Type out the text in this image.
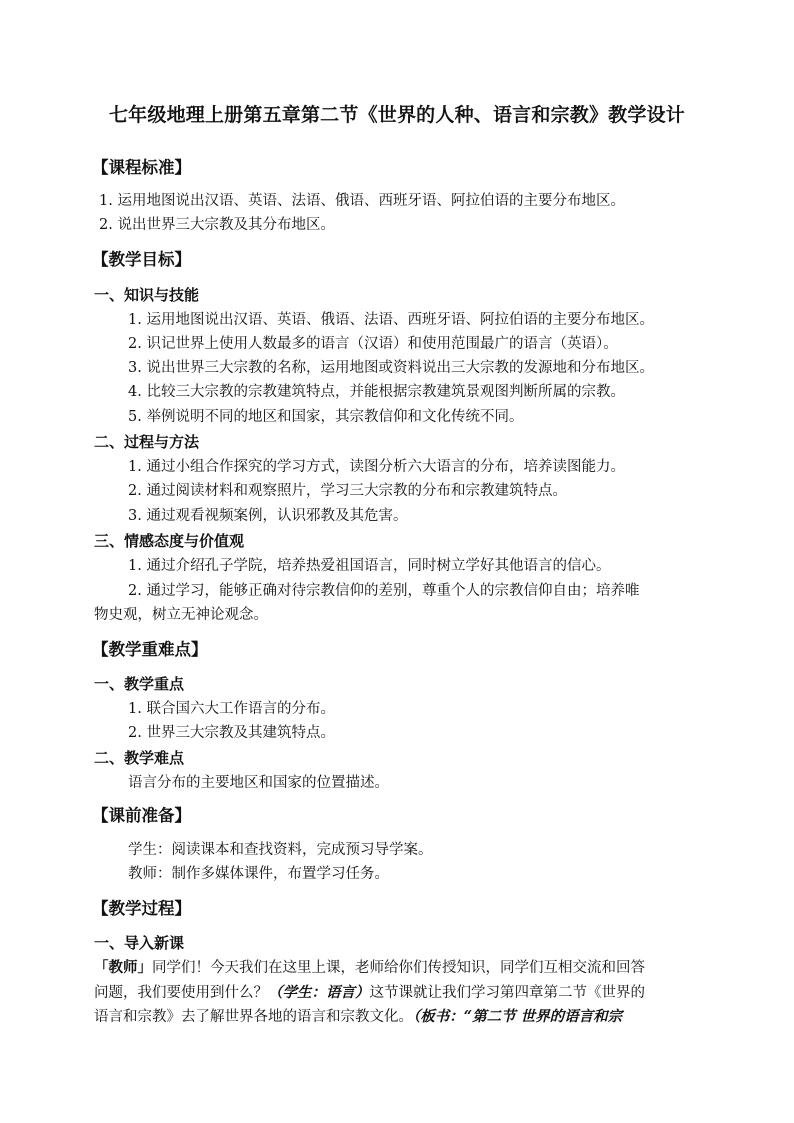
七年级地理上册第五章第二节《世界的人种、语言和宗教》教学设计
【课程标准】
1. 运用地图说出汉语、英语、法语、俄语、西班牙语、阿拉伯语的主要分布地区。
2. 说出世界三大宗教及其分布地区。
【教学目标】
一、知识与技能
1. 运用地图说出汉语、英语、俄语、法语、西班牙语、阿拉伯语的主要分布地区。
2. 识记世界上使用人数最多的语言（汉语）和使用范围最广的语言（英语）。
3. 说出世界三大宗教的名称，运用地图或资料说出三大宗教的发源地和分布地区。
4. 比较三大宗教的宗教建筑特点，并能根据宗教建筑景观图判断所属的宗教。
5. 举例说明不同的地区和国家，其宗教信仰和文化传统不同。
二、过程与方法
1. 通过小组合作探究的学习方式，读图分析六大语言的分布，培养读图能力。
2. 通过阅读材料和观察照片，学习三大宗教的分布和宗教建筑特点。
3. 通过观看视频案例，认识邪教及其危害。
三、情感态度与价值观
1. 通过介绍孔子学院，培养热爱祖国语言，同时树立学好其他语言的信心。
2. 通过学习，能够正确对待宗教信仰的差别，尊重个人的宗教信仰自由；培养唯
物史观，树立无神论观念。
【教学重难点】
一、教学重点
1. 联合国六大工作语言的分布。
2. 世界三大宗教及其建筑特点。
二、教学难点
语言分布的主要地区和国家的位置描述。
【课前准备】
学生：阅读课本和查找资料，完成预习导学案。
教师：制作多媒体课件，布置学习任务。
【教学过程】
一、导入新课
「教师」同学们！今天我们在这里上课，老师给你们传授知识，同学们互相交流和回答
问题，我们要使用到什么？（学生：语言）这节课就让我们学习第四章第二节《世界的
语言和宗教》去了解世界各地的语言和宗教文化。（板书：“第二节 世界的语言和宗
